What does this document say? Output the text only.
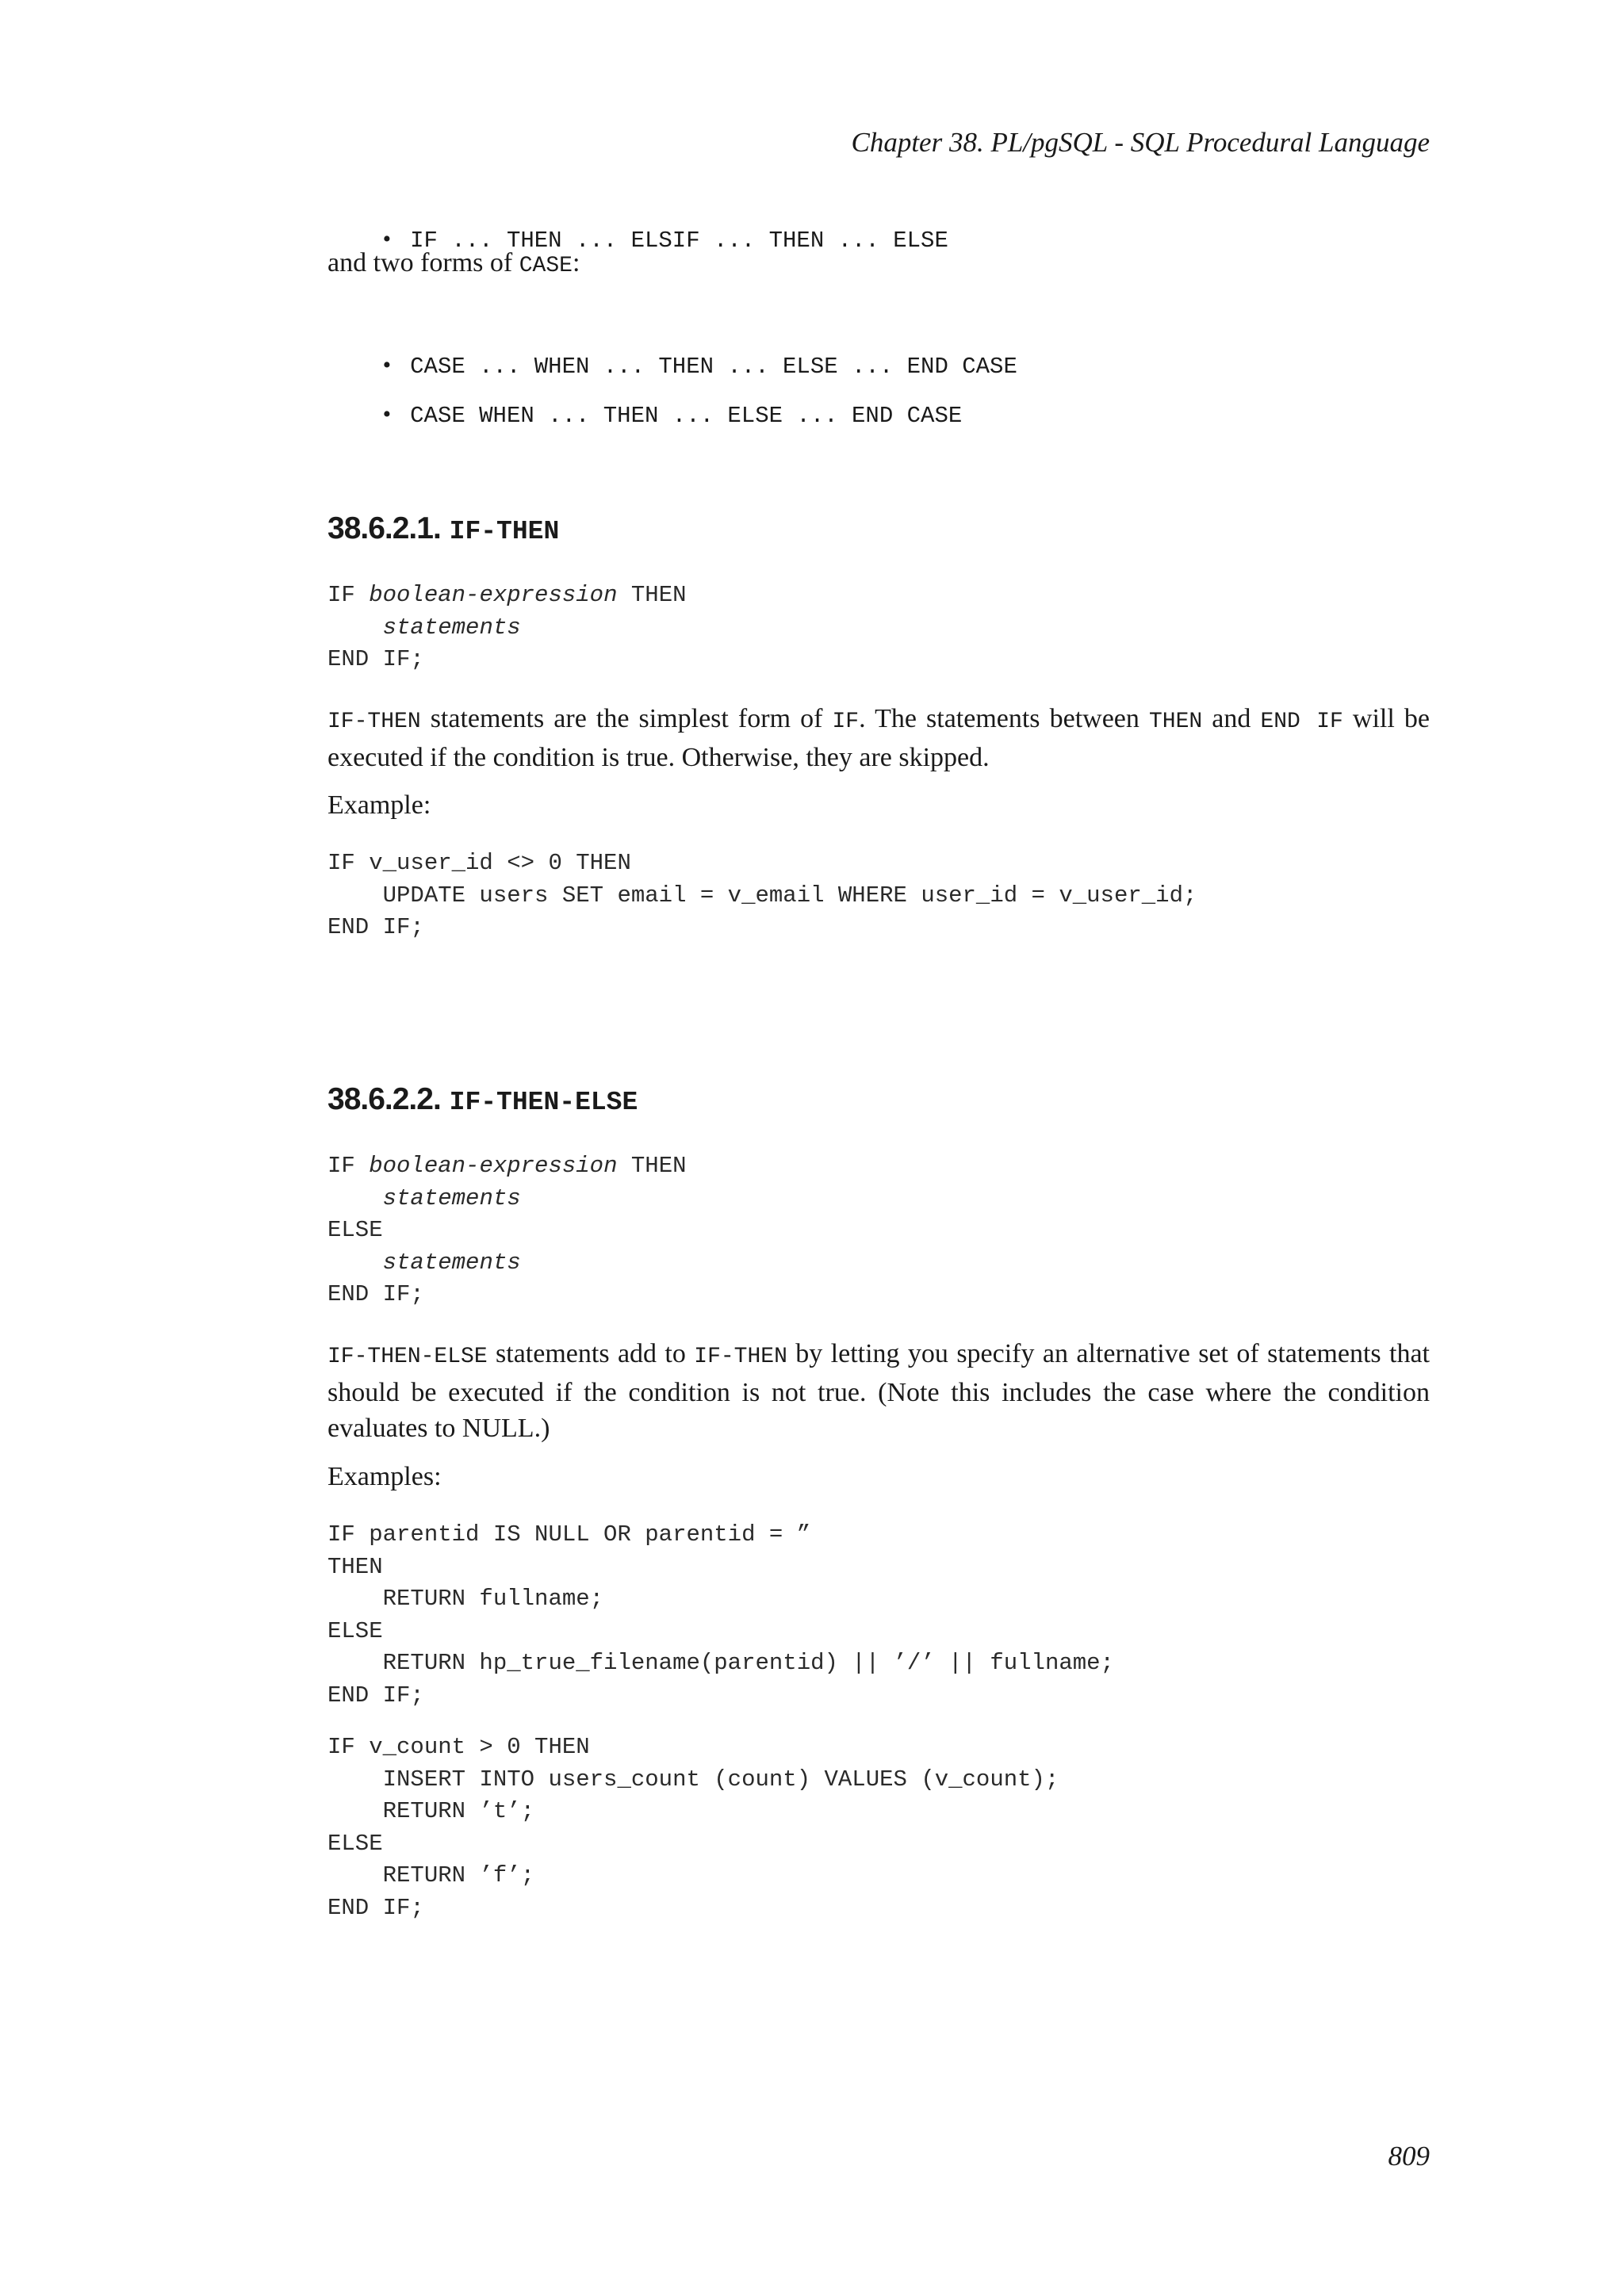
Chapter 38. PL/pgSQL - SQL Procedural Language

• IF ... THEN ... ELSIF ... THEN ... ELSE

and two forms of CASE:

• CASE ... WHEN ... THEN ... ELSE ... END CASE

• CASE WHEN ... THEN ... ELSE ... END CASE

38.6.2.1. IF-THEN
IF boolean-expression THEN
statements
END IF;
IF-THEN statements are the simplest form of IF. The statements between THEN and END IF will be executed if the condition is true. Otherwise, they are skipped.
Example:
IF v_user_id <> 0 THEN
UPDATE users SET email = v_email WHERE user_id = v_user_id;
END IF;
38.6.2.2. IF-THEN-ELSE
IF boolean-expression THEN
statements
ELSE
statements
END IF;
IF-THEN-ELSE statements add to IF-THEN by letting you specify an alternative set of statements that should be executed if the condition is not true. (Note this includes the case where the condition evaluates to NULL.)
Examples:
IF parentid IS NULL OR parentid = ”
THEN
RETURN fullname;
ELSE
RETURN hp_true_filename(parentid) || ’/’ || fullname;
END IF;
IF v_count > 0 THEN
INSERT INTO users_count (count) VALUES (v_count);
RETURN ’t’;
ELSE
RETURN ’f’;
END IF;
809
